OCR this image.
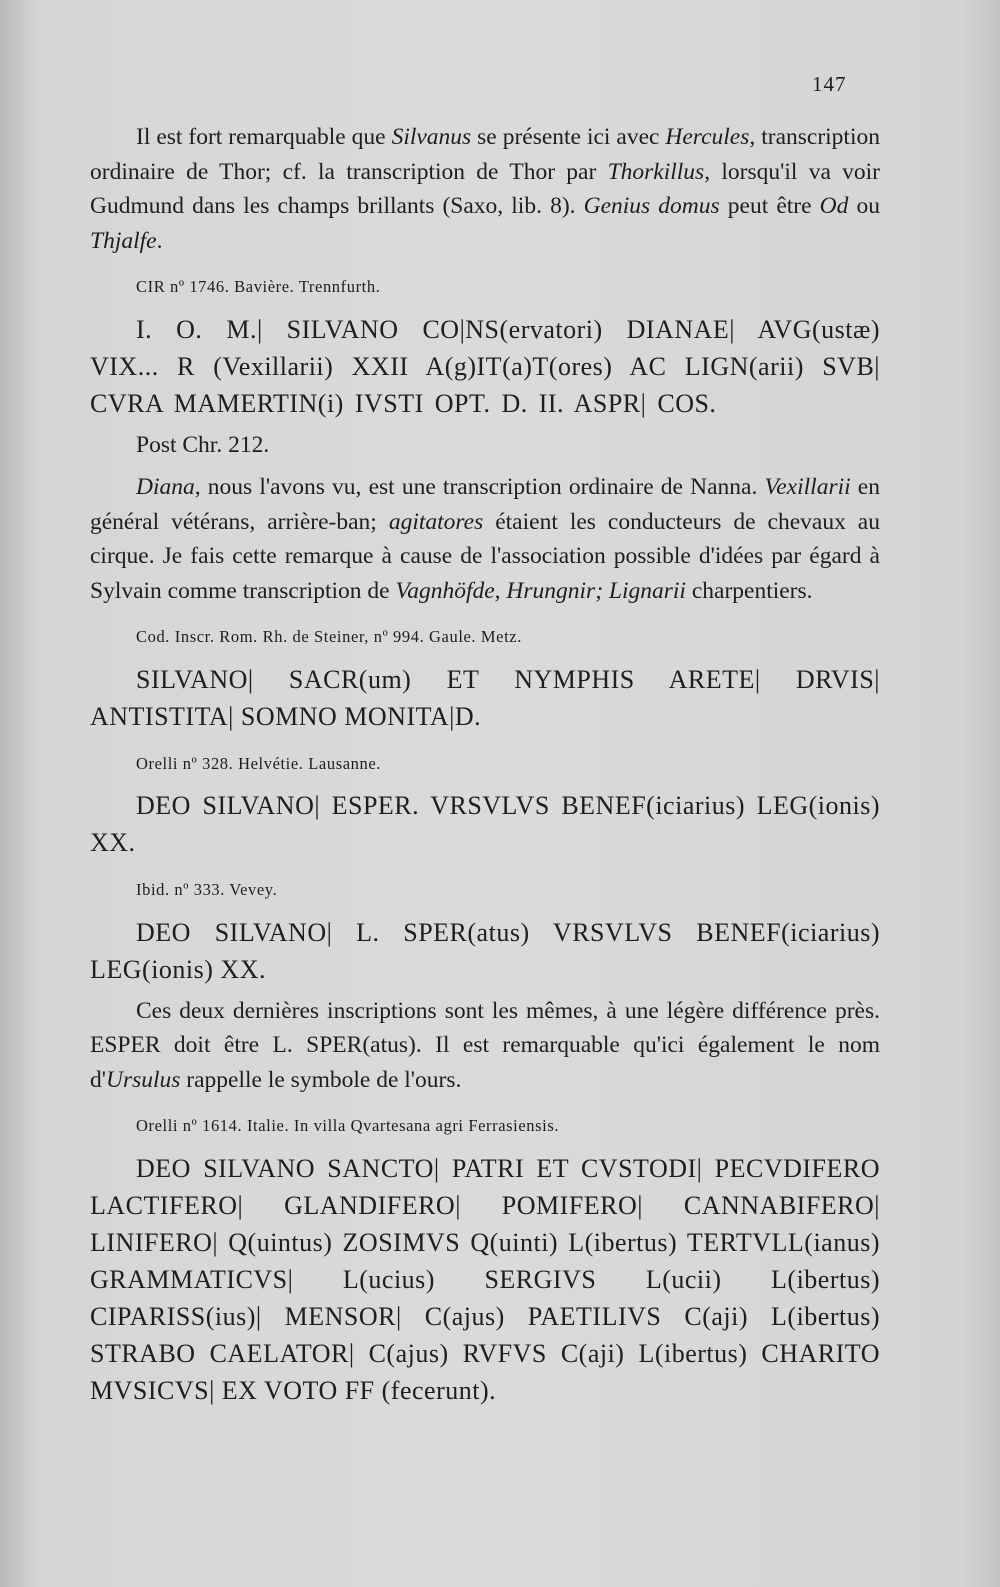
147

Il est fort remarquable que Silvanus se présente ici avec Hercules, transcription ordinaire de Thor; cf. la transcription de Thor par Thorkillus, lorsqu'il va voir Gudmund dans les champs brillants (Saxo, lib. 8). Genius domus peut être Od ou Thjalfe.

CIR nº 1746. Bavière. Trennfurth.

I. O. M.| SILVANO CO|NS(ervatori) DIANAE| AVG(ustæ) VIX... R (Vexillarii) XXII A(g)IT(a)T(ores) AC LIGN(arii) SVB| CVRA MAMERTIN(i) IVSTI OPT. D. II. ASPR| COS.

Post Chr. 212.

Diana, nous l'avons vu, est une transcription ordinaire de Nanna. Vexillarii en général vétérans, arrière-ban; agitatores étaient les conducteurs de chevaux au cirque. Je fais cette remarque à cause de l'association possible d'idées par égard à Sylvain comme transcription de Vagnhöfde, Hrungnir; Lignarii charpentiers.

Cod. Inscr. Rom. Rh. de Steiner, nº 994. Gaule. Metz.

SILVANO| SACR(um) ET NYMPHIS ARETE| DRVIS| ANTISTITA| SOMNO MONITA|D.

Orelli nº 328. Helvétie. Lausanne.

DEO SILVANO| ESPER. VRSVLVS BENEF(iciarius) LEG(ionis) XX.

Ibid. nº 333. Vevey.

DEO SILVANO| L. SPER(atus) VRSVLVS BENEF(iciarius) LEG(ionis) XX.

Ces deux dernières inscriptions sont les mêmes, à une légère différence près. ESPER doit être L. SPER(atus). Il est remarquable qu'ici également le nom d'Ursulus rappelle le symbole de l'ours.

Orelli nº 1614. Italie. In villa Qvartesana agri Ferrasiensis.

DEO SILVANO SANCTO| PATRI ET CVSTODI| PECVDIFERO LACTIFERO| GLANDIFERO| POMIFERO| CANNABIFERO| LINIFERO| Q(uintus) ZOSIMVS Q(uinti) L(ibertus) TERTVLL(ianus) GRAMMATICVS| L(ucius) SERGIVS L(ucii) L(ibertus) CIPARISS(ius)| MENSOR| C(ajus) PAETILIVS C(aji) L(ibertus) STRABO CAELATOR| C(ajus) RVFVS C(aji) L(ibertus) CHARITO MVSICVS| EX VOTO FF (fecerunt).
